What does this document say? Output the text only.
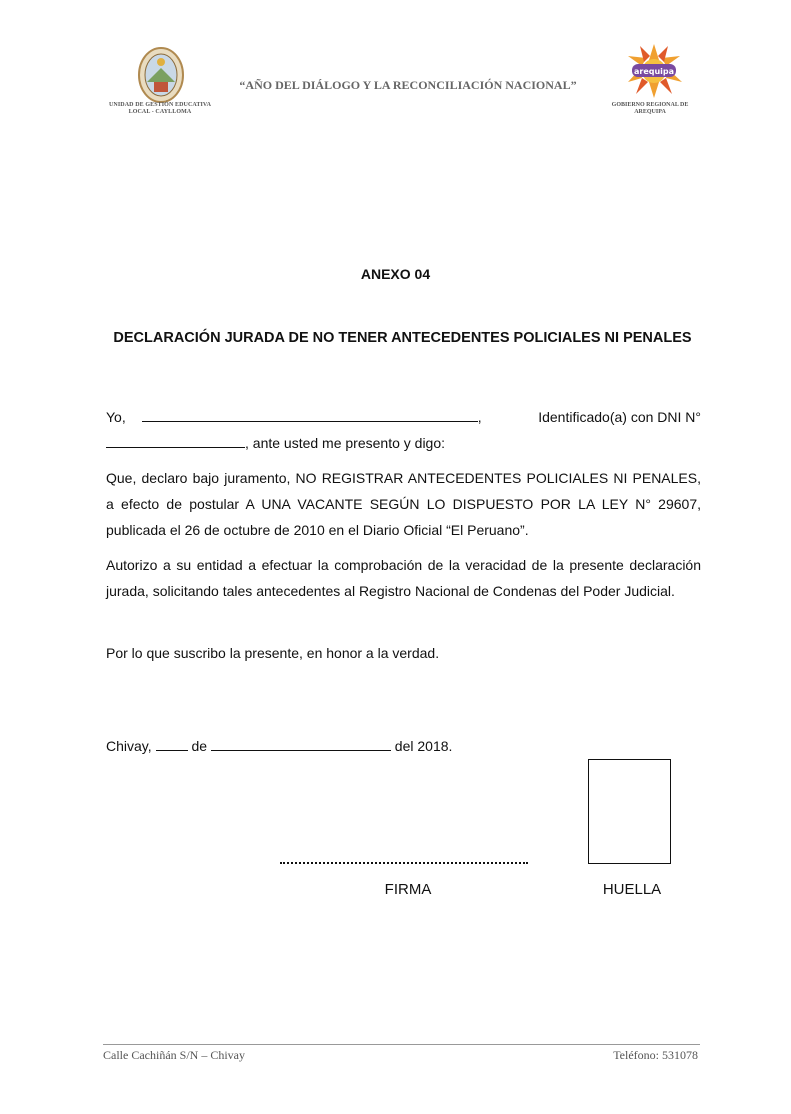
UNIDAD DE GESTIÓN EDUCATIVA LOCAL - CAYLLOMA
“AÑO DEL DIÁLOGO Y LA RECONCILIACIÓN NACIONAL”
arequipa
GOBIERNO REGIONAL DE AREQUIPA
ANEXO 04
DECLARACIÓN JURADA DE NO TENER ANTECEDENTES POLICIALES NI PENALES
Yo,	,	Identificado(a) con DNI N°
, ante usted me presento y digo:
Que, declaro bajo juramento, NO REGISTRAR ANTECEDENTES POLICIALES NI PENALES, a efecto de postular A UNA VACANTE SEGÚN LO DISPUESTO POR LA LEY N° 29607, publicada el 26 de octubre de 2010 en el Diario Oficial “El Peruano”.
Autorizo a su entidad a efectuar la comprobación de la veracidad de la presente declaración jurada, solicitando tales antecedentes al Registro Nacional de Condenas del Poder Judicial.
Por lo que suscribo la presente, en honor a la verdad.
Chivay,	de	del 2018.
FIRMA	HUELLA
Calle Cachiñán S/N – Chivay	Teléfono: 531078
